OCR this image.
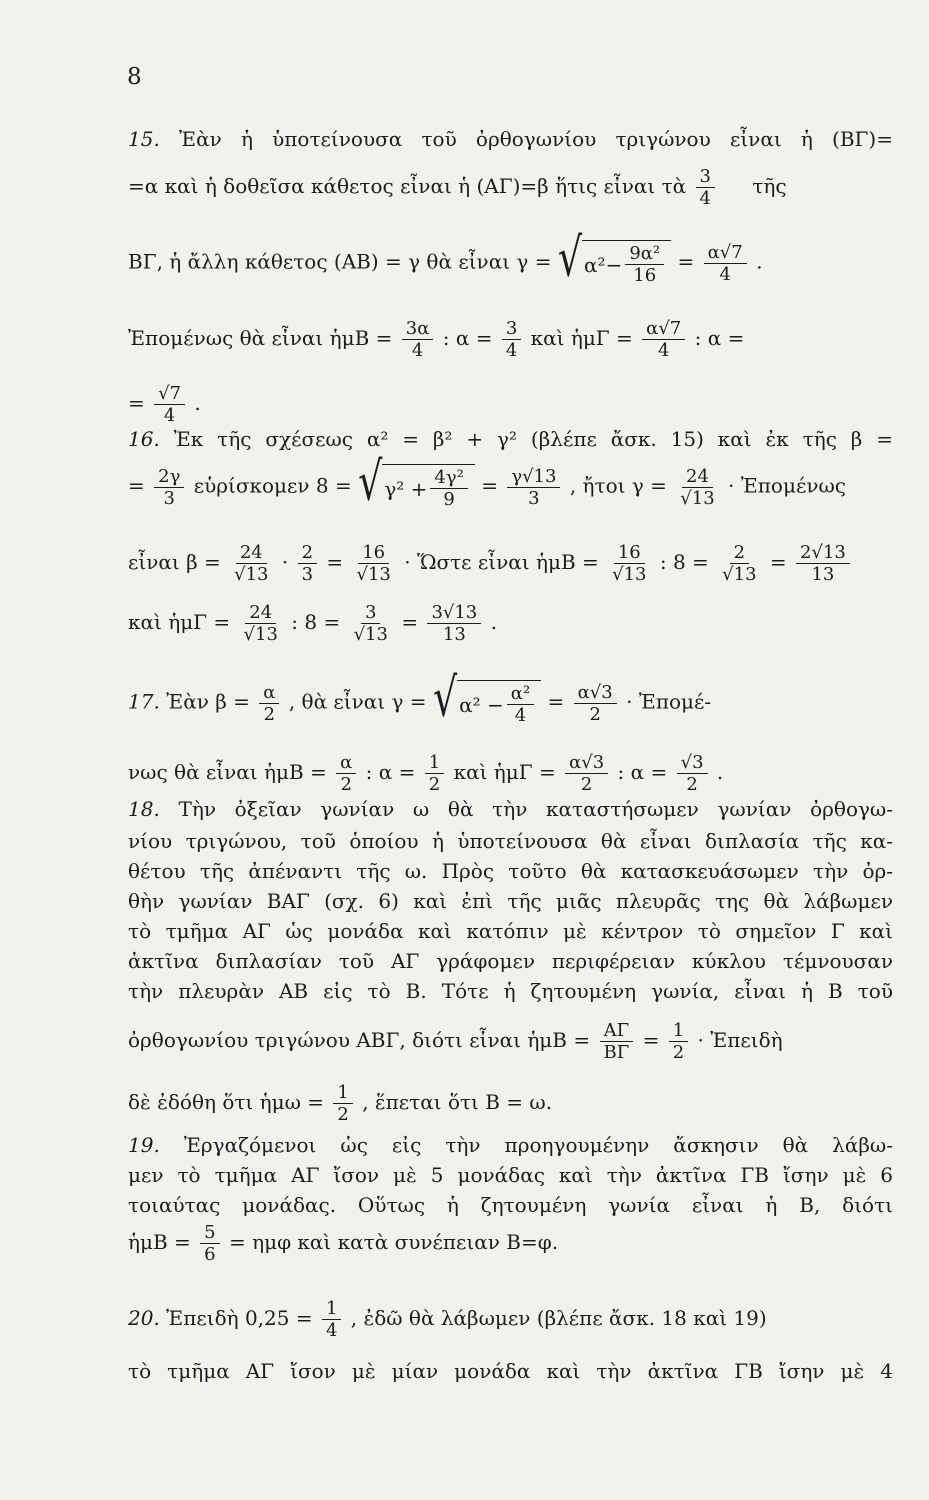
8
15. Ἐὰν ἡ ὑποτείνουσα τοῦ ὀρθογωνίου τριγώνου εἶναι ἡ (ΒΓ)=
=α καὶ ἡ δοθεῖσα κάθετος εἶναι ἡ (ΑΓ)=β ἥτις εἶναι τὰ $\frac{3}{4}$ τῆς
ΒΓ, ἡ ἄλλη κάθετος (ΑΒ) = γ θὰ εἶναι γ = √ $\alpha^2- \frac{\text{9α²}}{16} = \frac{\alpha√7}{4}$ .
Ἐπομένως θὰ εἶναι ἡμΒ = $\frac{3\alpha}{4}$ : $\alpha = \frac{3}{4}$ καὶ ἡμΓ = $\frac{\alpha√7}{4}$ : α =
= $\frac{√7}{4}$ .
16. Ἐκ τῆς σχέσεως α² = β² + γ² (βλέπε ἄσκ. 15) καὶ ἐκ τῆς β =
= $\frac{2\gamma}{3}$ εὑρίσκομεν 8 = √ $\gamma^2 + \frac{\text{4γ²}}{9} = \frac{\gamma√13}{3}$ , ἤτοι $\gamma = \frac{24}{√13}$ · Ἐπομένως
εἶναι $\beta = \frac{24}{√13} \cdot \frac{2}{3} = \frac{16}{√13}$ · Ὥστε εἶναι ἡμΒ = $\frac{16}{√13}$ : $8 = \frac{2}{√13} = \frac{2√13}{13}$
καὶ ἡμΓ = $\frac{24}{√13}$ : $8 = \frac{3}{√13} = \frac{3√13}{13}$ .
17. Ἐὰν $\beta = \frac{\alpha}{2}$ , θὰ εἶναι γ = √ $\alpha^2 - \frac{\text{α²}}{4} = \frac{\alpha√3}{2}$ · Ἐπομέ-
νως θὰ εἶναι ἡμΒ = $\frac{\alpha}{2}$ : $\alpha = \frac{1}{2}$ καὶ ἡμΓ = $\frac{\alpha√3}{2}$ : $\alpha = \frac{√3}{2}$ .
18. Τὴν ὀξεῖαν γωνίαν ω θὰ τὴν καταστήσωμεν γωνίαν ὀρθογω-
νίου τριγώνου, τοῦ ὁποίου ἡ ὑποτείνουσα θὰ εἶναι διπλασία τῆς κα-
θέτου τῆς ἀπέναντι τῆς ω. Πρὸς τοῦτο θὰ κατασκευάσωμεν τὴν ὀρ-
θὴν γωνίαν ΒΑΓ (σχ. 6) καὶ ἐπὶ τῆς μιᾶς πλευρᾶς της θὰ λάβωμεν
τὸ τμῆμα ΑΓ ὡς μονάδα καὶ κατόπιν μὲ κέντρον τὸ σημεῖον Γ καὶ
ἀκτῖνα διπλασίαν τοῦ ΑΓ γράφομεν περιφέρειαν κύκλου τέμνουσαν
τὴν πλευρὰν ΑΒ εἰς τὸ Β. Τότε ἡ ζητουμένη γωνία, εἶναι ἡ Β τοῦ
ὀρθογωνίου τριγώνου ΑΒΓ, διότι εἶναι ἡμΒ = $\frac{A\Gamma}{B\Gamma} = \frac{1}{2}$ · Ἐπειδὴ
δὲ ἐδόθη ὅτι ἡμω = $\frac{1}{2}$ , ἕπεται ὅτι Β = ω.
19. Ἐργαζόμενοι ὡς εἰς τὴν προηγουμένην ἄσκησιν θὰ λάβω-
μεν τὸ τμῆμα ΑΓ ἴσον μὲ 5 μονάδας καὶ τὴν ἀκτῖνα ΓΒ ἴσην μὲ 6
τοιαύτας μονάδας. Οὕτως ἡ ζητουμένη γωνία εἶναι ἡ Β, διότι
ἡμΒ = $\frac{5}{6} = \eta\mu\varphi$ καὶ κατὰ συνέπειαν Β=φ.
20. Ἐπειδὴ $0,25 = \frac{1}{4}$ , ἐδῶ θὰ λάβωμεν (βλέπε ἄσκ. 18 καὶ 19)
τὸ τμῆμα ΑΓ ἴσον μὲ μίαν μονάδα καὶ τὴν ἀκτῖνα ΓΒ ἴσην μὲ 4
